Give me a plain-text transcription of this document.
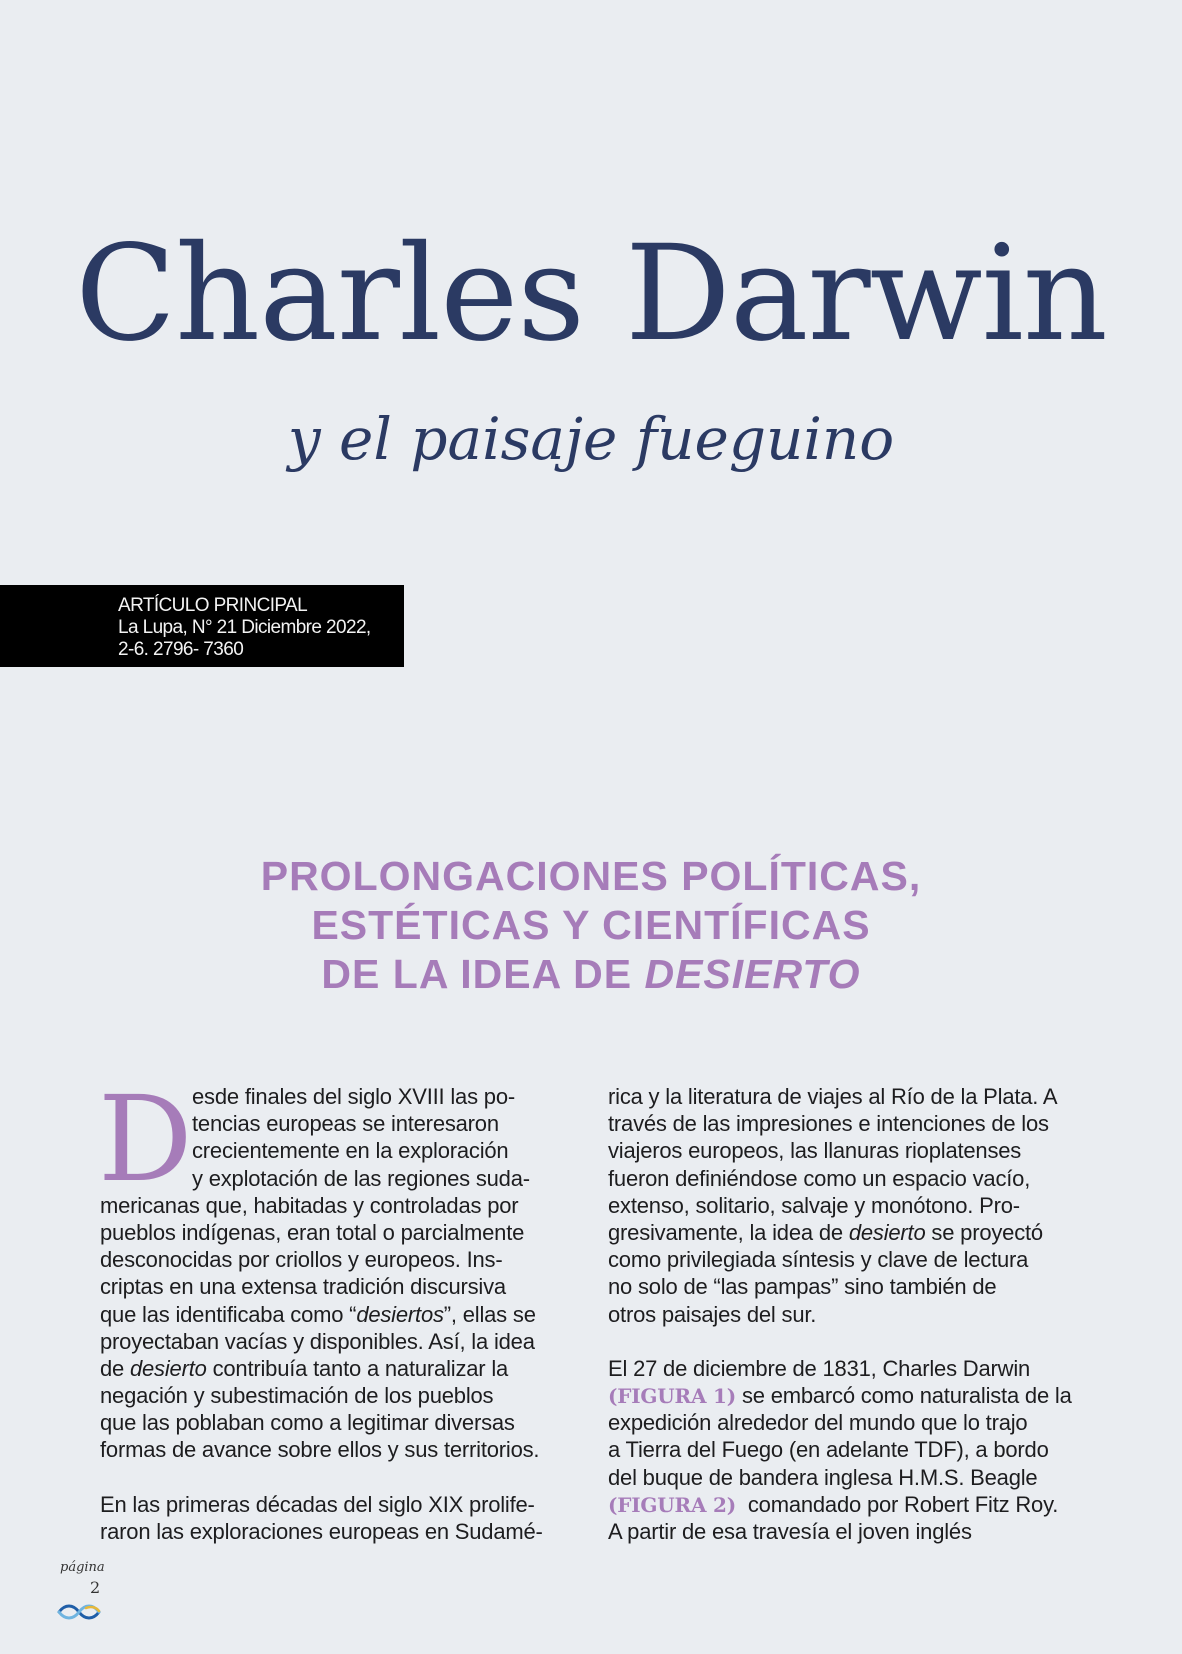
Charles Darwin
y el paisaje fueguino
ARTÍCULO PRINCIPAL
La Lupa, N° 21 Diciembre 2022,
2-6. 2796- 7360
PROLONGACIONES POLÍTICAS,
ESTÉTICAS Y CIENTÍFICAS
DE LA IDEA DE DESIERTO
D esde finales del siglo XVIII las po-
tencias europeas se interesaron
crecientemente en la exploración
y explotación de las regiones suda-
mericanas que, habitadas y controladas por
pueblos indígenas, eran total o parcialmente
desconocidas por criollos y europeos. Ins-
criptas en una extensa tradición discursiva
que las identificaba como “desiertos”, ellas se
proyectaban vacías y disponibles. Así, la idea
de desierto contribuía tanto a naturalizar la
negación y subestimación de los pueblos
que las poblaban como a legitimar diversas
formas de avance sobre ellos y sus territorios.
En las primeras décadas del siglo XIX prolife-
raron las exploraciones europeas en Sudamé-
rica y la literatura de viajes al Río de la Plata. A
través de las impresiones e intenciones de los
viajeros europeos, las llanuras rioplatenses
fueron definiéndose como un espacio vacío,
extenso, solitario, salvaje y monótono. Pro-
gresivamente, la idea de desierto se proyectó
como privilegiada síntesis y clave de lectura
no solo de “las pampas” sino también de
otros paisajes del sur.
El 27 de diciembre de 1831, Charles Darwin
(FIGURA 1) se embarcó como naturalista de la
expedición alrededor del mundo que lo trajo
a Tierra del Fuego (en adelante TDF), a bordo
del buque de bandera inglesa H.M.S. Beagle
(FIGURA 2)  comandado por Robert Fitz Roy.
A partir de esa travesía el joven inglés
página
2
